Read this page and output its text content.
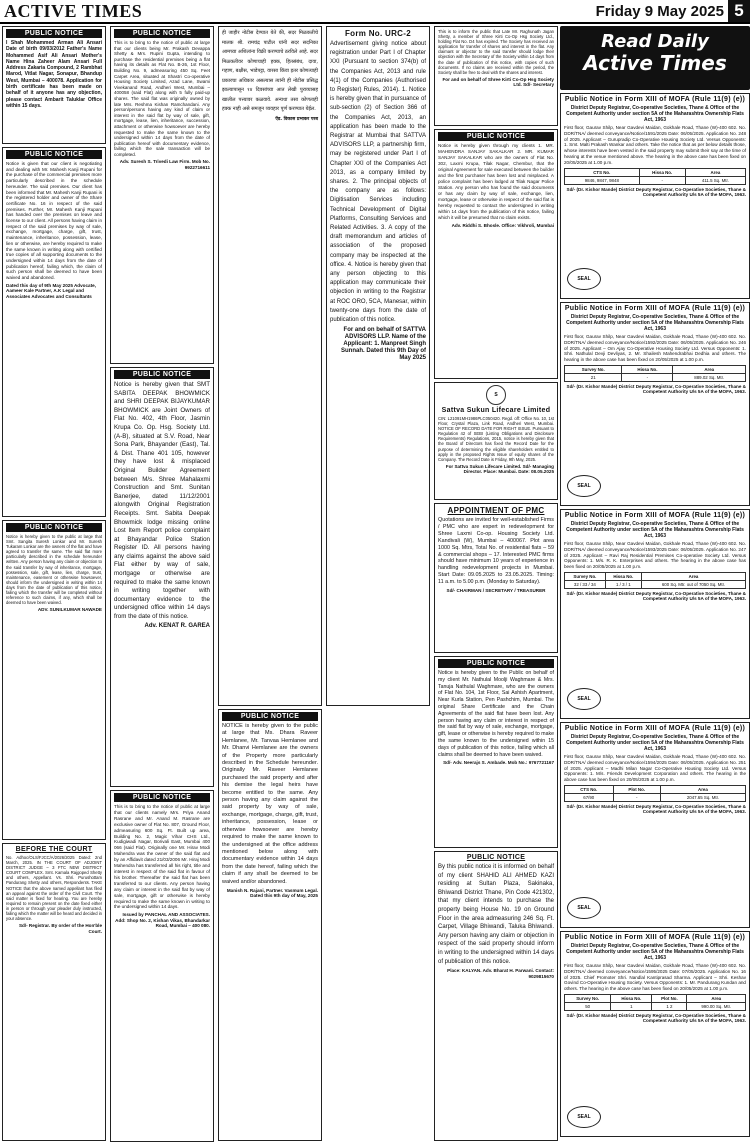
ACTIVE TIMES	Friday 9 May 2025 5
PUBLIC NOTICE

I Shah Mohammed Arman Ali Ansari Date of birth 09/03/2012 Father's Name Mohammed Asif Ali Ansari Mother's Name Hina Zaheer Alam Ansari Full Address Zakaria Compound, 2 Rambhat Marod, Vitlat Nagar, Sonapur, Bhandup West, Mumbai – 400078. Application for birth certificate has been made on behalf of it anyone has any objection, please contact Ambarit Taluklar Office within 15 days.

PUBLIC NOTICE

Notice is given that our client is negotiating and dealing with Mr. Mahesh Kanji Rupani for the purchase of the commercial premises more particularly described in the schedule hereunder. The said premises. Our client has been informed that Mr. Mahesh Kanji Rupani is the registered holder and owner of the Share certificate No. 16 in respect of the said premises. Further, Mr. Mahesh Kanji Rupani has handed over the premises on leave and license to our client. All persons having claim in respect of the said premises by way of sale, exchange, mortgage, charge, gift, trust, maintenance, inheritance, possession, lease, lien or otherwise, are hereby required to make the same known in writing along with certified true copies of all supporting documents to the undersigned within 14 days from the date of publication hereof, failing which, the claim of such person shall be deemed to have been waived and abandoned.

Dated this day of 9th May 2025 Advocate, Aameer Kale Partner, A.K Legal and Associates Advocates and Consultants

PUBLIC NOTICE

Notice is hereby given to the public at large that Smt. Sangita Suresh Lonkar and Mr. Suresh Tukaram Lonkar are the owners of the flat and have agreed to transfer the same. The said flat more particularly described in the schedule hereunder written. Any person having any claim or objection to the said transfer by way of inheritance, mortgage, possession, sale, gift, lease, lien, charge, trust, maintenance, easement or otherwise howsoever, should inform the undersigned in writing within 14 days from the date of publication of this notice, failing which the transfer will be completed without reference to such claims, if any, which shall be deemed to have been waived.

ADV. SUNILKUMAR NAWADE

BEFORE THE COURT

No. Adhoc/OLS/FJCC/A/2026/2025 Dated: 2nd March, 2025. IN THE COURT OF ADJOINT DISTRICT JUDGE – 3 FTC NEW DISTRICT COURT COMPLEX. Smt. Kamala Rajgoped Shetty and others, Appellant. Vs. Shri. Purushottam Pandurang Shetty and others, Respondents. TAKE NOTICE that the above named appellant has filed an appeal against the order of the Civil Court. The said matter is fixed for hearing. You are hereby required to remain present on the date fixed either in person or through your pleader duly instructed, failing which the matter will be heard and decided in your absence.

Sd/- Registrar. By order of the Hon'ble Court.

PUBLIC NOTICE

This is to bring to the notice of public at large that our clients being Mr. Prakash Devappa Shetty & Mrs. Rupini Gupta, intending to purchase the residential premises being a flat having its details as Flat No. B-26, 1st Floor, Building No. 9, admeasuring 450 Sq. Feet Carpet Area, situated at Shastri Co-operative Housing Society Limited, Azad Lane, Swami Vivekanand Road, Andheri West, Mumbai – 400058 (said Flat) along with 5 fully paid-up shares. The said flat was originally owned by late Mrs. Reshma Kishan Ramchandani. Any person/persons having any kind of claim or interest in the said flat by way of sale, gift, mortgage, lease, lien, inheritance, succession, attachment or otherwise howsoever are hereby requested to make the same known to the undersigned within 14 days from the date of publication hereof with documentary evidence, failing which the sale transaction will be completed.

Adv. Suresh S. Trivedi Law Firm. Mob No. 9922716611

PUBLIC NOTICE

Notice is hereby given that SMT SABITA DEEPAK BHOWMICK and SHRI DEEPAK BIJAYKUMAR BHOWMICK are Joint Owners of Flat No. 402, 4th Floor, Jasmin Krupa Co. Op. Hsg. Society Ltd. (A-B), situated at S.V. Road, Near Sona Park, Bhayander (East), Tal. & Dist. Thane 401 105, however they have lost & misplaced Original Builder Agreement between M/s. Shree Mahalaxmi Construction and Smt. Sunitan Banerjee, dated 11/12/2001 alongwith Original Registration Receipts. Smt. Sabita Deepak Bhowmick lodge missing online Lost Item Report police complaint at Bhayandar Police Station Register ID. All persons having any claims against the above said Flat either by way of sale, mortgage or otherwise are required to make the same known in writing together with documentary evidence to the undersigned office within 14 days from the date of this notice.

Adv. KENAT R. GAREA

PUBLIC NOTICE

This is to bring to the notice of public at large that our clients namely Mrs. Priya Anand Rasrane and Mr. Anand M. Rasrane are exclusive owner of Flat No. 807, Ground Floor, admeasuring 600 Sq. Ft. Built up area, Building No. 2, Magic Vihar CHS Ltd., Kudigiwadi Nagar, Borivali East, Mumbai 400 066 (said Flat). Originally one Mr. Hirav Modi Mahendra was the owner of the said flat and by an Affidavit dated 21/03/2006 Mr. Hiraj Modi Mahendra has transferred all his right, title and interest in respect of the said flat in favour of his brother. Thereafter the said flat has been transferred to our clients. Any person having any claim or interest in the said flat by way of sale, mortgage, gift or otherwise is hereby required to make the same known in writing to the undersigned within 14 days.

Issued by PANCHAL AND ASSOCIATES. Add: Shop No. 2, Kishan Vikas, Bhandarkar Road, Mumbai – 400 080.

ही जाहीर नोटीस देण्यात येते की, सदर मिळकतीचे मालक श्री. रामचंद्र पाटील यांनी सदर सदनिका आमच्या अशिलांना विक्री करण्याचे ठरविले आहे. सदर मिळकतीवर कोणाचाही हक्क, हितसंबंध, दावा, गहाण, बक्षीस, भाडेपट्टा, वारसा किंवा इतर कोणत्याही प्रकारचा अधिकार असल्यास त्यांनी ही नोटीस प्रसिद्ध झाल्यापासून १४ दिवसांच्या आत लेखी पुराव्यासह खालील पत्त्यावर कळवावे. अन्यथा तसा कोणताही हक्क नाही असे समजून व्यवहार पूर्ण करण्यात येईल.

ऍड. विकास प्रभाकर परब

PUBLIC NOTICE

NOTICE is hereby given to the public at large that Ms. Dhara Raveer Hemlanee, Mr. Tanvaa Hemlanee and Mr. Dhanvi Hemlanee are the owners of the Property more particularly described in the Schedule hereunder. Originally Mr. Raveer Hemlanee purchased the said property and after his demise the legal heirs have become entitled to the same. Any person having any claim against the said property by way of sale, exchange, mortgage, charge, gift, trust, inheritance, possession, lease or otherwise howsoever are hereby required to make the same known to the undersigned at the office address mentioned below along with documentary evidence within 14 days from the date hereof, failing which the claim if any shall be deemed to be waived and/or abandoned.

Manish N. Rajani, Partner. Vasmum Legal. Dated this 9th day of May, 2025

Form No. URC-2

Advertisement giving notice about registration under Part I of Chapter XXI (Pursuant to section 374(b) of the Companies Act, 2013 and rule 4(1) of the Companies (Authorised to Register) Rules, 2014). 1. Notice is hereby given that in pursuance of sub-section (2) of Section 366 of the Companies Act, 2013, an application has been made to the Registrar at Mumbai that SATTVA ADVISORS LLP, a partnership firm, may be registered under Part I of Chapter XXI of the Companies Act 2013, as a company limited by shares. 2. The principal objects of the company are as follows: Digitisation Services including Technical Development of Digital Platforms, Consulting Services and Related Activities. 3. A copy of the draft memorandum and articles of association of the proposed company may be inspected at the office. 4. Notice is hereby given that any person objecting to this application may communicate their objection in writing to the Registrar at ROC ORO, 5CA, Manesar, within twenty-one days from the date of publication of this notice.

For and on behalf of SATTVA ADVISORS LLP. Name of the Applicant: 1. Manpreet Singh Sunnah. Dated this 9th Day of May 2025

This is to inform the public that Late Mr. Raghunath Jagan Shetty, a member of Shree Kirti Co-Op Hsg Society Ltd., holding Flat No. D4 has expired. The Society has received an application for transfer of shares and interest in the flat. Any claimant or objector to the said transfer should lodge their objection with the Secretary of the Society within 14 days from the date of publication of this notice, with copies of such documents. If no claims are received within the period, the Society shall be free to deal with the shares and interest.

For and on behalf of Shree Kirti Co-Op Hsg Society Ltd. Sd/- Secretary

PUBLIC NOTICE

Notice is hereby given through my clients 1. MR. MAHENDRA SANJAY SAKALKAR 2. MR. KUMAR SANJAY SAKALKAR who are the owners of Flat No. 302, Laxmi Krupa, Tilak Nagar, Chembur, that the original Agreement for sale executed between the builder and the first purchaser has been lost and misplaced. A police complaint has been lodged at Tilak Nagar Police Station. Any person who has found the said documents or has any claim by way of sale, exchange, lien, mortgage, lease or otherwise in respect of the said flat is hereby requested to contact the undersigned in writing within 14 days from the publication of this notice, failing which it will be presumed that no claim exists.

Adv. Riddhi S. Bhosle. Office: Vikhroli, Mumbai

S
Sattva Sukun Lifecare Limited

CIN: L21091MH1986PLC050420. Regd. off: Office No. 10, 1st Floor, Crystal Plaza, Link Road, Andheri West, Mumbai. NOTICE OF RECORD DATE FOR RIGHT ISSUE. Pursuant to Regulation 42 of SEBI (Listing Obligations and Disclosure Requirements) Regulations, 2015, notice is hereby given that the Board of Directors has fixed the Record Date for the purpose of determining the eligible shareholders entitled to apply in the proposed Rights Issue of equity shares of the Company. The Record Date is Friday, 9th May, 2025.

For Sattva Sukun Lifecare Limited. Sd/- Managing Director. Place: Mumbai. Date: 08.05.2025

APPOINTMENT OF PMC

Quotations are invited for well-established Firms / PMC who are expert in redevelopment for Shree Laxmi Co-op. Housing Society Ltd. Kandivali (W), Mumbai – 400067. Plot area 1000 Sq. Mtrs, Total No. of residential flats – 59 & commercial shops – 17. Interested PMC firms should have minimum 10 years of experience in handling redevelopment projects in Mumbai. Start Date: 09.05.2025 to 23.05.2025. Timing: 11 a.m. to 5.00 p.m. (Monday to Saturday).

Sd/- CHAIRMAN / SECRETARY / TREASURER

PUBLIC NOTICE

Notice is hereby given to the Public on behalf of my client Mr. Nathulal Moolji Waghmare & Mrs. Tanuja Nathulal Waghmare, who are the owners of Flat No. 104, 1st Floor, Sai Ashish Apartment, Near Kurla Station, Pen Pashchim, Mumbai. The original Share Certificate and the Chain Agreements of the said flat have been lost. Any person having any claim or interest in respect of the said flat by way of sale, exchange, mortgage, gift, lease or otherwise is hereby required to make the same known to the undersigned within 15 days of publication of this notice, failing which all claims shall be deemed to have been waived.

Sd/- Adv. Neerajs S. Ambade. Mob No.: 9767721167

PUBLIC NOTICE

By this public notice it is informed on behalf of my client SHAHID ALI AHMED KAZI residing at Sultan Plaza, Sakinaka, Bhiwandi District Thane, Pin Code 421302, that my client intends to purchase the property being House No. 19 on Ground Floor in the area admeasuring 246 Sq. Ft. Carpet, Village Bhiwandi, Taluka Bhiwandi. Any person having any claim or objection in respect of the said property should inform in writing to the undersigned within 14 days of publication of this notice.

Place: KALYAN. Adv. Bharat H. Parwani. Contact: 9029815670

Read Daily
Active Times
Public Notice in Form XIII of MOFA (Rule 11(9) (e))

District Deputy Registrar, Co-operative Societies, Thane & Office of the Competent Authority under section 5A of the Maharashtra Ownership Flats Act, 1963

First floor, Gaurav Shilp, Near Gavdevi Maidan, Gokhale Road, Thane (W)-400 602. No. DDR/TNA/ deemed conveyance/Notice/1591/2025 Date: 06/05/2025. Application No. 248 of 2025. Applicant – Gurupradip Co-Operative Housing Society Ltd. Versus Opponents: 1. Smt. Malti Prakash Wankar and others. Take the notice that as per below details those, whose interests have been vested in the said property may submit their say at the time of hearing at the venue mentioned above. The hearing in the above case has been fixed on 20/05/2025 at 1.00 p.m.

CTS No.	Hissa No.	Area
9846, 9847, 9848	-	411.5 Sq. Mtr.
SEAL

Sd/- (Dr. Kishor Mande) District Deputy Registrar, Co-Operative Societies, Thane & Competent Authority U/s 5A of the MOFA, 1963.

Public Notice in Form XIII of MOFA (Rule 11(9) (e))

District Deputy Registrar, Co-operative Societies, Thane & Office of the Competent Authority under section 5A of the Maharashtra Ownership Flats Act, 1963

First floor, Gaurav Shilp, Near Gavdevi Maidan, Gokhale Road, Thane (W)-400 602. No. DDR/TNA/ deemed conveyance/Notice/1592/2025 Date: 06/05/2025. Application No. 246 of 2025. Applicant – Om Ajay Co-Operative Housing Society Ltd. Versus Opponents: 1. Shri. Nathulal Devji Devliyas, 2. Mr. Shailesh Mahendrabhai Dedhia and others. The hearing in the above case has been fixed on 20/05/2025 at 1.00 p.m.

Survey No.	Hissa No.	Area
21	-	889.02 Sq. Mtr.
SEAL

Sd/- (Dr. Kishor Mande) District Deputy Registrar, Co-Operative Societies, Thane & Competent Authority U/s 5A of the MOFA, 1963.

Public Notice in Form XIII of MOFA (Rule 11(9) (e))

District Deputy Registrar, Co-operative Societies, Thane & Office of the Competent Authority under section 5A of the Maharashtra Ownership Flats Act, 1963

First floor, Gaurav Shilp, Near Gavdevi Maidan, Gokhale Road, Thane (W)-400 602. No. DDR/TNA/ deemed conveyance/Notice/1593/2025 Date: 06/05/2025. Application No. 247 of 2025. Applicant – Ravi Raj Residential Premises Co-operative Society Ltd. Versus Opponents: 1. M/s. R. K. Enterprises and others. The hearing in the above case has been fixed on 20/05/2025 at 1.00 p.m.

Survey No.	Hissa No.	Area
32 / 33 / 34	1 / 3 / 1	600 Sq. Mtr. out of 7050 Sq. Mtr.
SEAL

Sd/- (Dr. Kishor Mande) District Deputy Registrar, Co-Operative Societies, Thane & Competent Authority U/s 5A of the MOFA, 1963.

Public Notice in Form XIII of MOFA (Rule 11(9) (e))

District Deputy Registrar, Co-operative Societies, Thane & Office of the Competent Authority under section 5A of the Maharashtra Ownership Flats Act, 1963

First floor, Gaurav Shilp, Near Gavdevi Maidan, Gokhale Road, Thane (W)-400 602. No. DDR/TNA/ deemed conveyance/Notice/1594/2025 Date: 06/05/2025. Application No. 251 of 2025. Applicant – Madhi Milan Nagar Co-Operative Housing Society Ltd. Versus Opponents: 1. M/s. Friends Development Corporation and others. The hearing in the above case has been fixed on 20/05/2025 at 1.00 p.m.

CTS No.	Plot No.	Area
67/90	-	2047.65 Sq. Mtr.
SEAL

Sd/- (Dr. Kishor Mande) District Deputy Registrar, Co-Operative Societies, Thane & Competent Authority U/s 5A of the MOFA, 1963.

Public Notice in Form XIII of MOFA (Rule 11(9) (e))

District Deputy Registrar, Co-operative Societies, Thane & Office of the Competent Authority under section 5A of the Maharashtra Ownership Flats Act, 1963

First floor, Gaurav Shilp, Near Gavdevi Maidan, Gokhale Road, Thane (W)-400 602. No. DDR/TNA/ deemed conveyance/Notice/1595/2025 Date: 07/05/2025. Application No. 16 of 2025. Chief Promoter Shri. Nandlal Kantiprasad Sharma. Applicant – Shri. Keshav Govind Co-Operative Housing Society. Versus Opponents: 1. Mr. Pandurang Kundan and others. The hearing in the above case has been fixed on 20/05/2025 at 1.00 p.m.

Survey No.	Hissa No.	Plot No.	Area
50	1	1 2	990.00 Sq. Mtr.
SEAL

Sd/- (Dr. Kishor Mande) District Deputy Registrar, Co-Operative Societies, Thane & Competent Authority U/s 5A of the MOFA, 1963.
